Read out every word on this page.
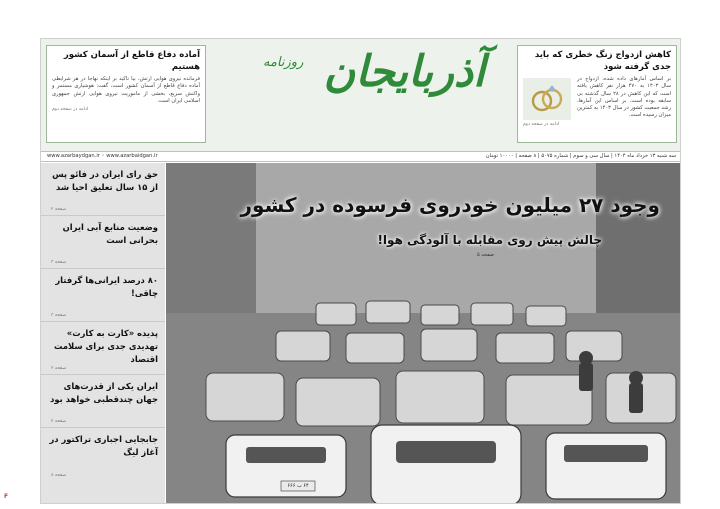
آماده دفاع قاطع از آسمان کشور هستیم
فرمانده نیروی هوایی ارتش، بیا تاکید بر اینکه نهاجا در هر شرایطی آماده دفاع قاطع از آسمان کشور است، گفت: هوشیاری مستمر و واکنش سریع، بخشی از ماموریت نیروی هوایی ارتش جمهوری اسلامی ایران است.
ادامه در صفحه دوم
روزنامه آذربایجان	کاهش ازدواج زنگ خطری که باید جدی گرفته شود
بر اساس آمارهای داده شده، ازدواج در سال ۱۴۰۳ به ۴۷۰ هزار نفر کاهش یافته است که این کاهش در ۲۸ سال گذشته بی سابقه بوده است. بر اساس این آمارها، رشد جمعیت کشور در سال ۱۴۰۳ به کمترین میزان رسیده است.
ادامه در صفحه دوم
سه شنبه ۱۳ خرداد ماه ۱۴۰۴ | سال سی و سوم | شماره ۵۰۷۵ | ۸ صفحه | ۱۰۰۰۰ تومان
www.azarbaydgan.ir ◦ www.azarbaidgan.ir
حق رای ایران در فائو پس از ۱۵ سال تعلیق احیا شد
صفحه ۲
وضعیت منابع آبی ایران بحرانی است
صفحه ۳
۸۰ درصد ایرانی‌ها گرفتار چاقی!
صفحه ۳
پدیده «کارت به کارت» تهدیدی جدی برای سلامت اقتصاد
صفحه ۲
ایران یکی از قدرت‌های جهان چندقطبی خواهد بود
صفحه ۲
جابجایی اجباری تراکتور در آغاز لیگ
صفحه ۸
وجود ۲۷ میلیون خودروی فرسوده در کشور
چالش پیش روی مقابله با آلودگی هوا!
صفحه ۵
۶۴ ب ۶۶۶
F
